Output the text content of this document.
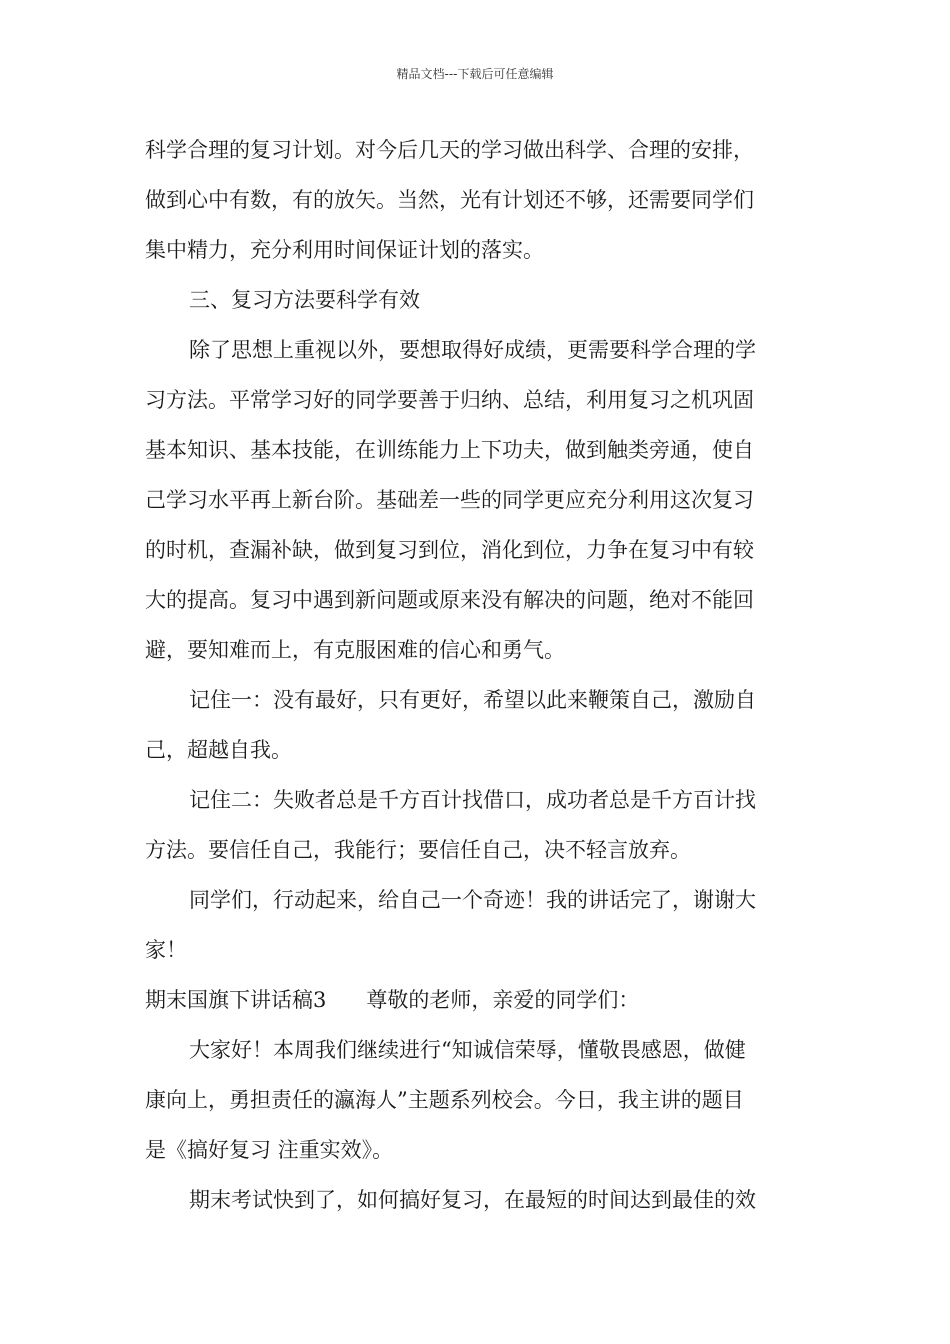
精品文档---下载后可任意编辑
科学合理的复习计划。对今后几天的学习做出科学、合理的安排，
做到心中有数，有的放矢。当然，光有计划还不够，还需要同学们
集中精力，充分利用时间保证计划的落实。
三、复习方法要科学有效
除了思想上重视以外，要想取得好成绩，更需要科学合理的学
习方法。平常学习好的同学要善于归纳、总结，利用复习之机巩固
基本知识、基本技能，在训练能力上下功夫，做到触类旁通，使自
己学习水平再上新台阶。基础差一些的同学更应充分利用这次复习
的时机，查漏补缺，做到复习到位，消化到位，力争在复习中有较
大的提高。复习中遇到新问题或原来没有解决的问题，绝对不能回
避，要知难而上，有克服困难的信心和勇气。
记住一：没有最好，只有更好，希望以此来鞭策自己，激励自
己，超越自我。
记住二：失败者总是千方百计找借口，成功者总是千方百计找
方法。要信任自己，我能行；要信任自己，决不轻言放弃。
同学们，行动起来，给自己一个奇迹！我的讲话完了，谢谢大
家！
期末国旗下讲话稿3 尊敬的老师，亲爱的同学们：
大家好！本周我们继续进行“知诚信荣辱，懂敬畏感恩，做健
康向上，勇担责任的瀛海人”主题系列校会。今日，我主讲的题目
是《搞好复习 注重实效》。
期末考试快到了，如何搞好复习，在最短的时间达到最佳的效
